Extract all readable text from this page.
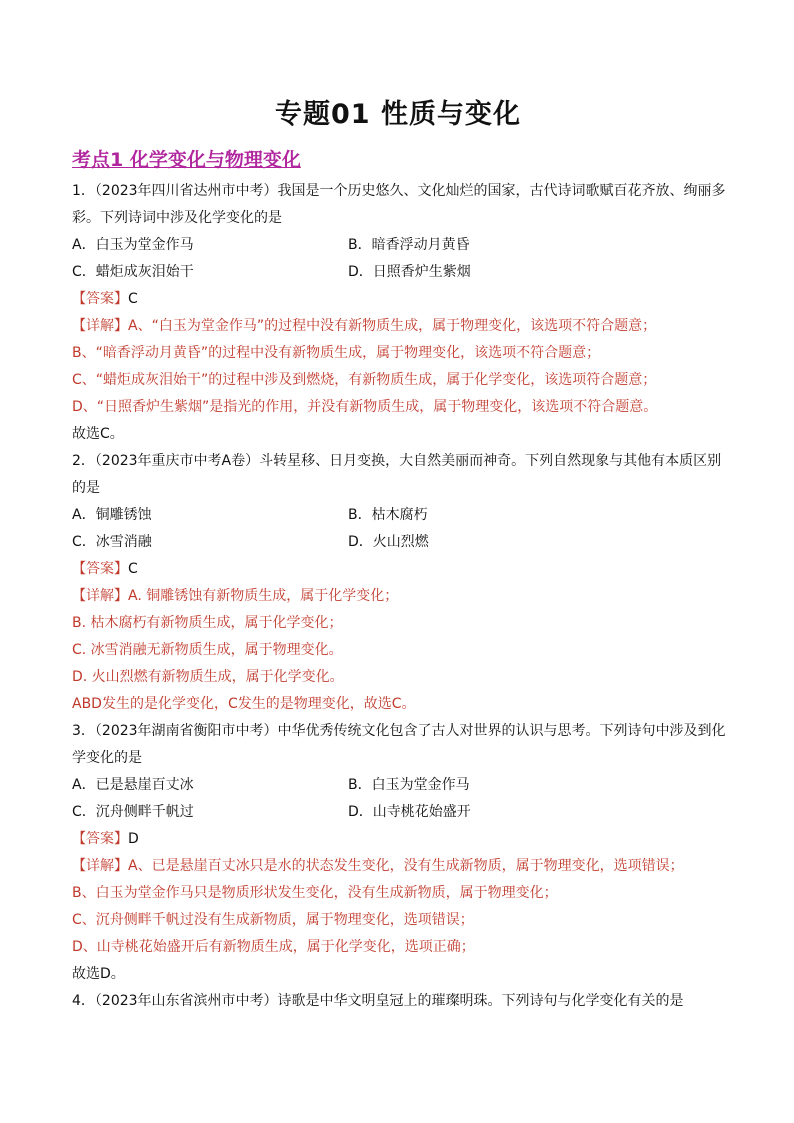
专题01 性质与变化
考点1 化学变化与物理变化
1．（2023年四川省达州市中考）我国是一个历史悠久、文化灿烂的国家，古代诗词歌赋百花齐放、绚丽多
彩。下列诗词中涉及化学变化的是
A．白玉为堂金作马	B．暗香浮动月黄昏
C．蜡炬成灰泪始干	D．日照香炉生紫烟
【答案】C
【详解】A、“白玉为堂金作马”的过程中没有新物质生成，属于物理变化，该选项不符合题意；
B、“暗香浮动月黄昏”的过程中没有新物质生成，属于物理变化，该选项不符合题意；
C、“蜡炬成灰泪始干”的过程中涉及到燃烧，有新物质生成，属于化学变化，该选项符合题意；
D、“日照香炉生紫烟”是指光的作用，并没有新物质生成，属于物理变化，该选项不符合题意。
故选C。
2．（2023年重庆市中考A卷）斗转星移、日月变换，大自然美丽而神奇。下列自然现象与其他有本质区别
的是
A．铜雕锈蚀	B．枯木腐朽
C．冰雪消融	D．火山烈燃
【答案】C
【详解】A. 铜雕锈蚀有新物质生成，属于化学变化；
B. 枯木腐朽有新物质生成，属于化学变化；
C. 冰雪消融无新物质生成，属于物理变化。
D. 火山烈燃有新物质生成，属于化学变化。
ABD发生的是化学变化，C发生的是物理变化，故选C。
3．（2023年湖南省衡阳市中考）中华优秀传统文化包含了古人对世界的认识与思考。下列诗句中涉及到化
学变化的是
A．已是悬崖百丈冰	B．白玉为堂金作马
C．沉舟侧畔千帆过	D．山寺桃花始盛开
【答案】D
【详解】A、已是悬崖百丈冰只是水的状态发生变化，没有生成新物质，属于物理变化，选项错误；
B、白玉为堂金作马只是物质形状发生变化，没有生成新物质，属于物理变化；
C、沉舟侧畔千帆过没有生成新物质，属于物理变化，选项错误；
D、山寺桃花始盛开后有新物质生成，属于化学变化，选项正确；
故选D。
4．（2023年山东省滨州市中考）诗歌是中华文明皇冠上的璀璨明珠。下列诗句与化学变化有关的是
